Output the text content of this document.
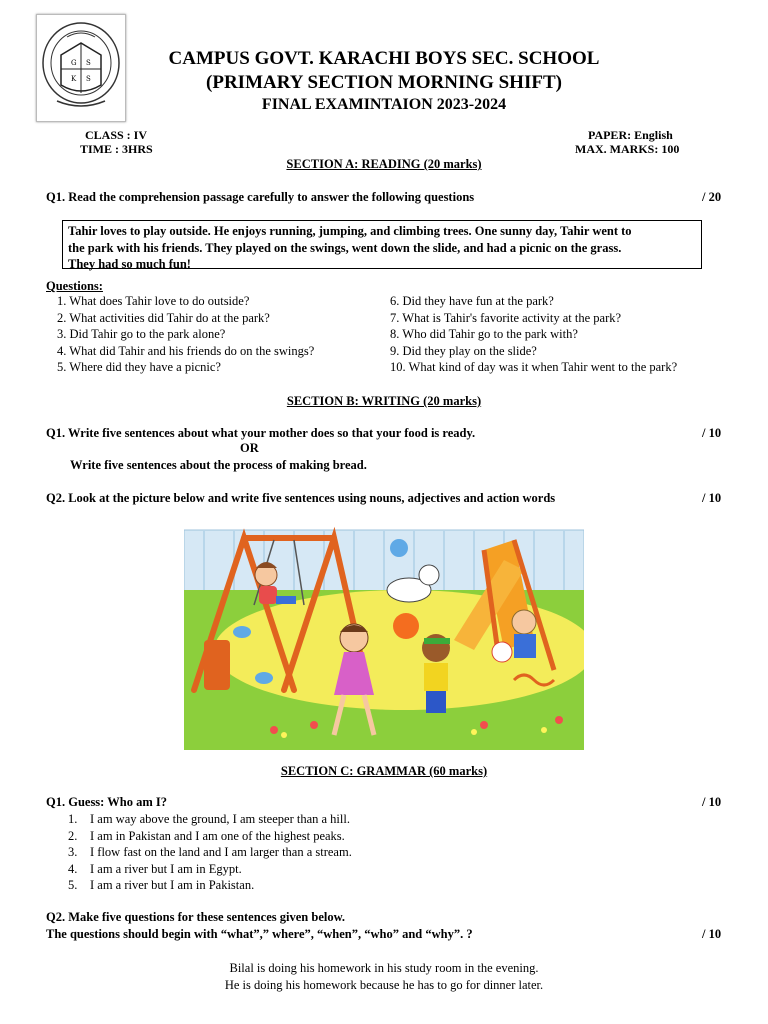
G S
K S
CAMPUS GOVT. KARACHI BOYS SEC. SCHOOL
(PRIMARY SECTION MORNING SHIFT)
FINAL EXAMINTAION 2023-2024
CLASS : IV
TIME : 3HRS
PAPER: English
MAX. MARKS: 100
SECTION A: READING (20 marks)
Q1. Read the comprehension passage carefully to answer the following questions	/ 20
Tahir loves to play outside. He enjoys running, jumping, and climbing trees. One sunny day, Tahir went to
the park with his friends. They played on the swings, went down the slide, and had a picnic on the grass.
They had so much fun!
Questions:
1. What does Tahir love to do outside?
2. What activities did Tahir do at the park?
3. Did Tahir go to the park alone?
4. What did Tahir and his friends do on the swings?
5. Where did they have a picnic?
6. Did they have fun at the park?
7. What is Tahir's favorite activity at the park?
8. Who did Tahir go to the park with?
9. Did they play on the slide?
10. What kind of day was it when Tahir went to the park?
SECTION B: WRITING (20 marks)
Q1. Write five sentences about what your mother does so that your food is ready.	/ 10
OR
Write five sentences about the process of making bread.
Q2. Look at the picture below and write five sentences using nouns, adjectives and action words	/ 10
SECTION C: GRAMMAR (60 marks)
Q1. Guess: Who am I?	/ 10
1. I am way above the ground, I am steeper than a hill.
2. I am in Pakistan and I am one of the highest peaks.
3. I flow fast on the land and I am larger than a stream.
4. I am a river but I am in Egypt.
5. I am a river but I am in Pakistan.
Q2. Make five questions for these sentences given below.
The questions should begin with “what”,” where”, “when”, “who” and “why”. ?	/ 10
Bilal is doing his homework in his study room in the evening.
He is doing his homework because he has to go for dinner later.
